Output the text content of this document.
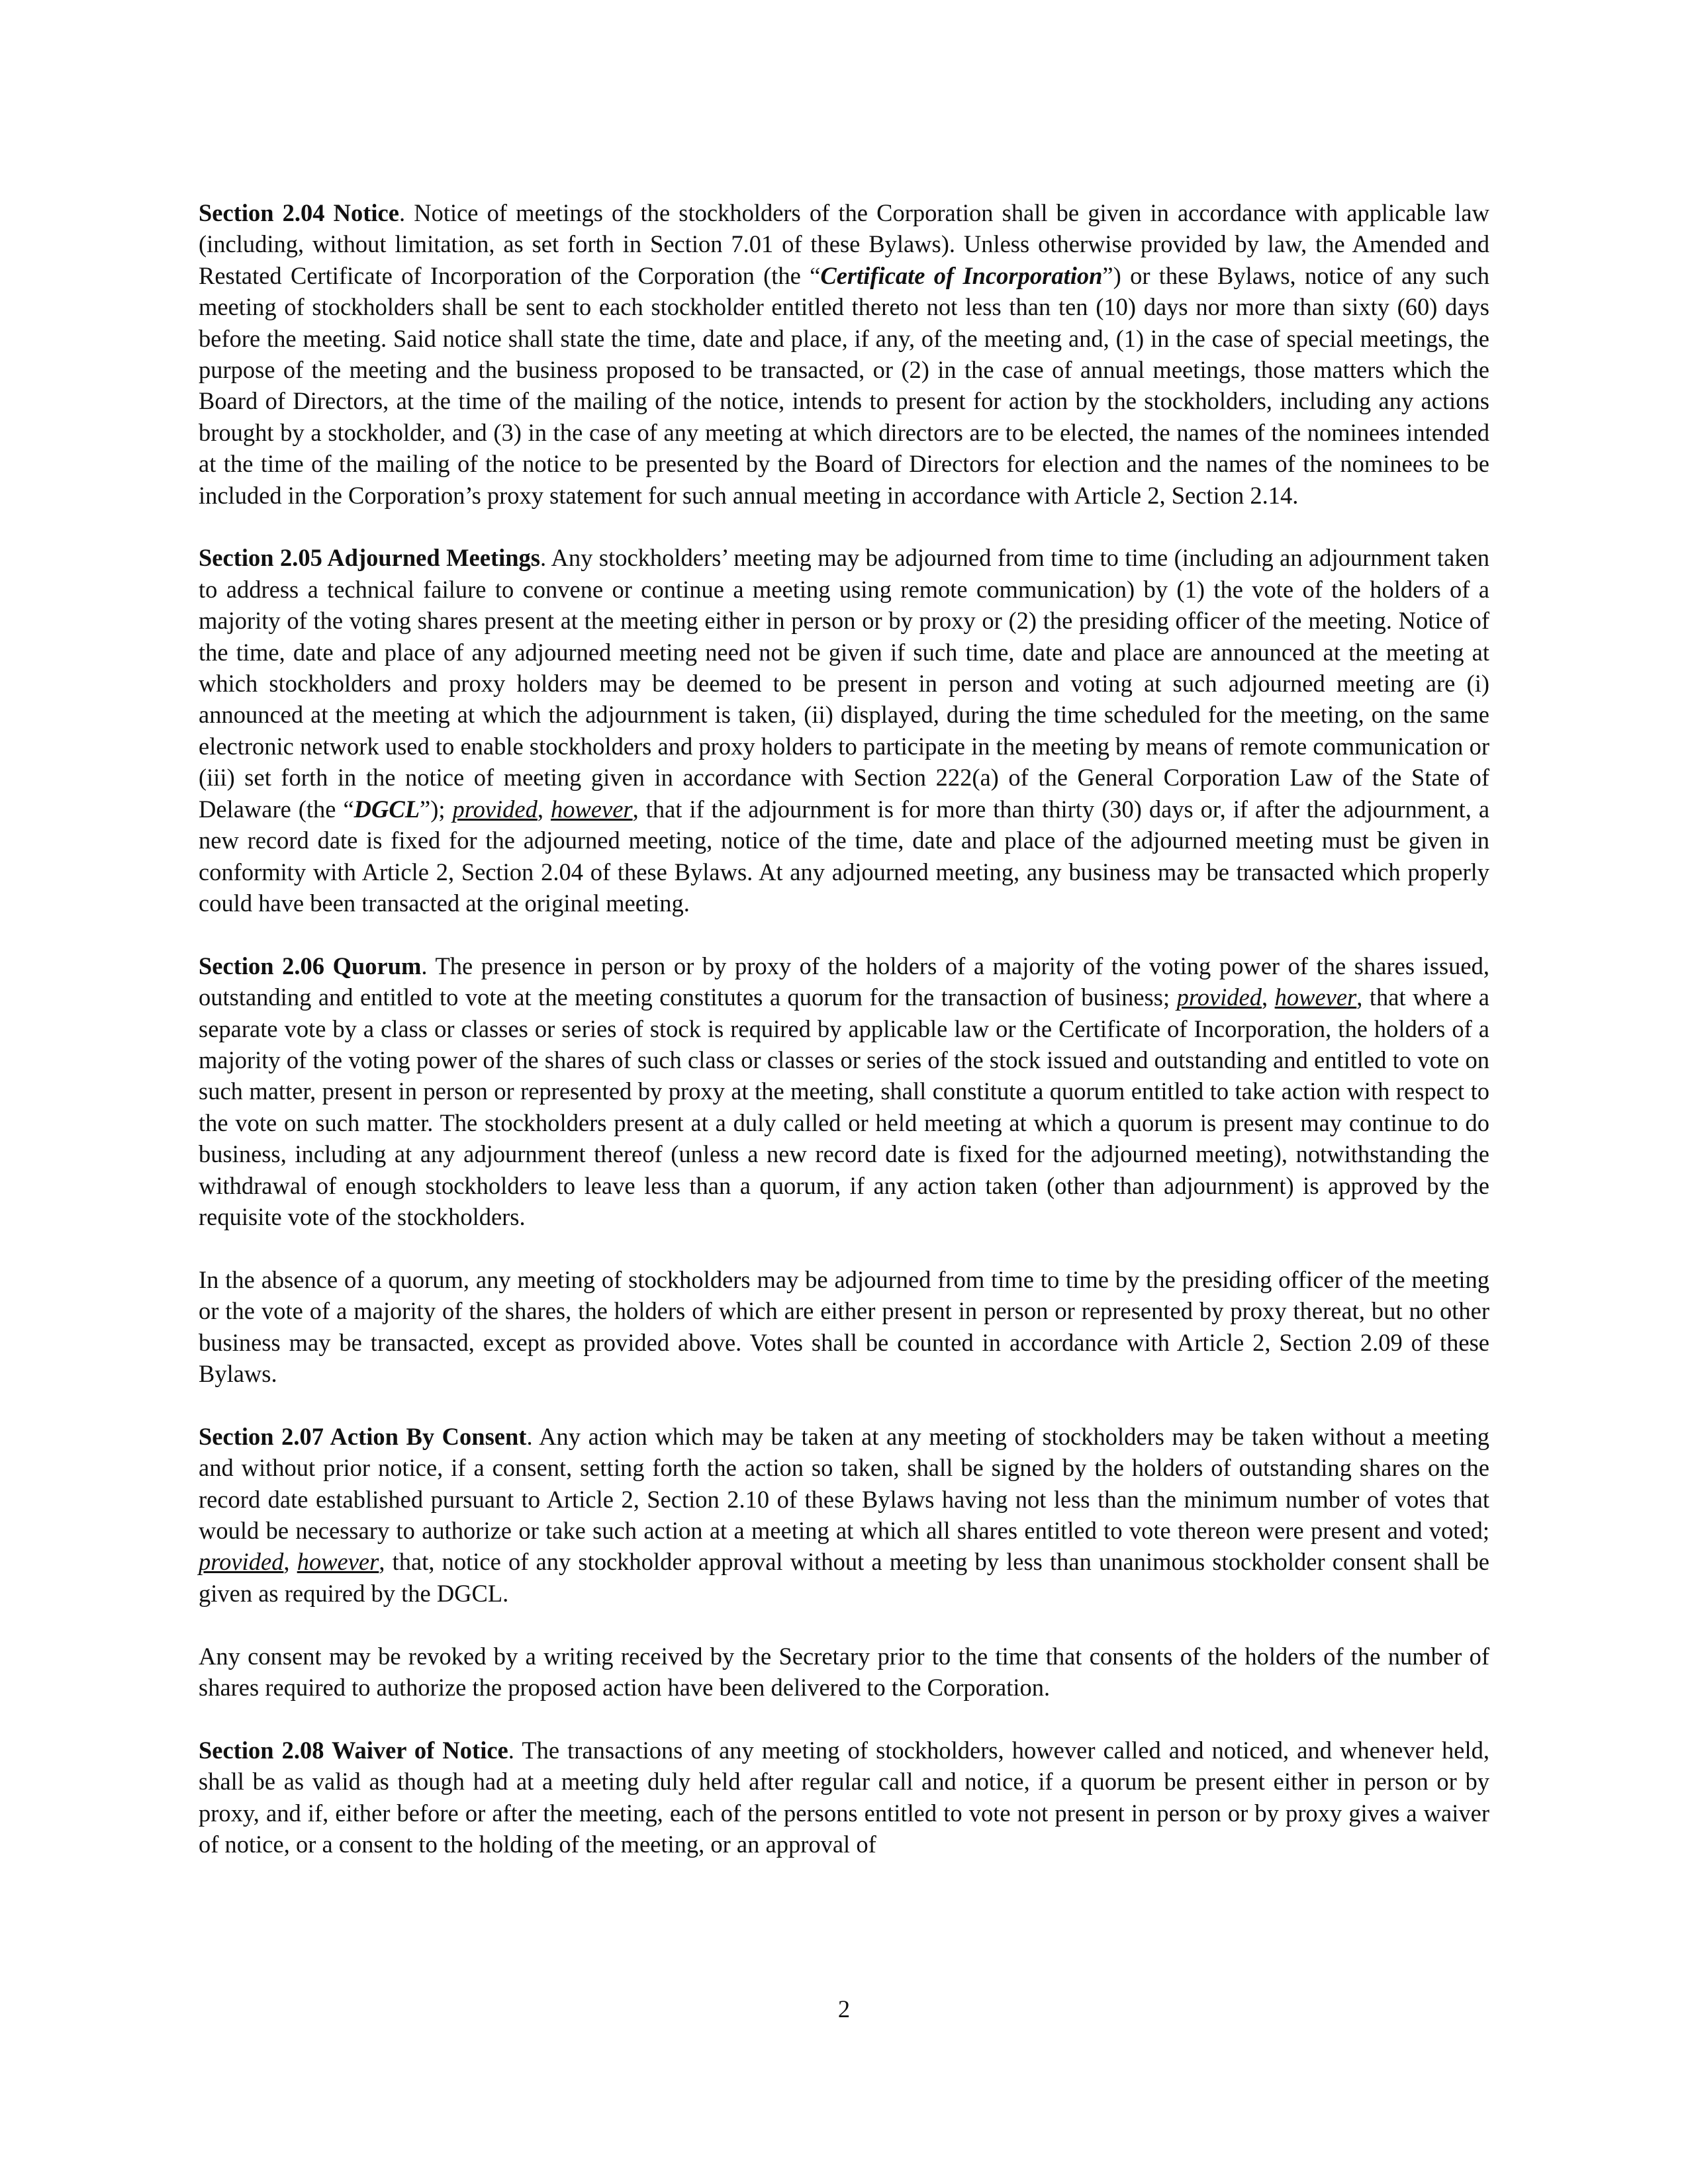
Section 2.04 Notice. Notice of meetings of the stockholders of the Corporation shall be given in accordance with applicable law (including, without limitation, as set forth in Section 7.01 of these Bylaws). Unless otherwise provided by law, the Amended and Restated Certificate of Incorporation of the Corporation (the “Certificate of Incorporation”) or these Bylaws, notice of any such meeting of stockholders shall be sent to each stockholder entitled thereto not less than ten (10) days nor more than sixty (60) days before the meeting. Said notice shall state the time, date and place, if any, of the meeting and, (1) in the case of special meetings, the purpose of the meeting and the business proposed to be transacted, or (2) in the case of annual meetings, those matters which the Board of Directors, at the time of the mailing of the notice, intends to present for action by the stockholders, including any actions brought by a stockholder, and (3) in the case of any meeting at which directors are to be elected, the names of the nominees intended at the time of the mailing of the notice to be presented by the Board of Directors for election and the names of the nominees to be included in the Corporation’s proxy statement for such annual meeting in accordance with Article 2, Section 2.14.

Section 2.05 Adjourned Meetings. Any stockholders’ meeting may be adjourned from time to time (including an adjournment taken to address a technical failure to convene or continue a meeting using remote communication) by (1) the vote of the holders of a majority of the voting shares present at the meeting either in person or by proxy or (2) the presiding officer of the meeting. Notice of the time, date and place of any adjourned meeting need not be given if such time, date and place are announced at the meeting at which stockholders and proxy holders may be deemed to be present in person and voting at such adjourned meeting are (i) announced at the meeting at which the adjournment is taken, (ii) displayed, during the time scheduled for the meeting, on the same electronic network used to enable stockholders and proxy holders to participate in the meeting by means of remote communication or (iii) set forth in the notice of meeting given in accordance with Section 222(a) of the General Corporation Law of the State of Delaware (the “DGCL”); provided, however, that if the adjournment is for more than thirty (30) days or, if after the adjournment, a new record date is fixed for the adjourned meeting, notice of the time, date and place of the adjourned meeting must be given in conformity with Article 2, Section 2.04 of these Bylaws. At any adjourned meeting, any business may be transacted which properly could have been transacted at the original meeting.

Section 2.06 Quorum. The presence in person or by proxy of the holders of a majority of the voting power of the shares issued, outstanding and entitled to vote at the meeting constitutes a quorum for the transaction of business; provided, however, that where a separate vote by a class or classes or series of stock is required by applicable law or the Certificate of Incorporation, the holders of a majority of the voting power of the shares of such class or classes or series of the stock issued and outstanding and entitled to vote on such matter, present in person or represented by proxy at the meeting, shall constitute a quorum entitled to take action with respect to the vote on such matter. The stockholders present at a duly called or held meeting at which a quorum is present may continue to do business, including at any adjournment thereof (unless a new record date is fixed for the adjourned meeting), notwithstanding the withdrawal of enough stockholders to leave less than a quorum, if any action taken (other than adjournment) is approved by the requisite vote of the stockholders.

In the absence of a quorum, any meeting of stockholders may be adjourned from time to time by the presiding officer of the meeting or the vote of a majority of the shares, the holders of which are either present in person or represented by proxy thereat, but no other business may be transacted, except as provided above. Votes shall be counted in accordance with Article 2, Section 2.09 of these Bylaws.

Section 2.07 Action By Consent. Any action which may be taken at any meeting of stockholders may be taken without a meeting and without prior notice, if a consent, setting forth the action so taken, shall be signed by the holders of outstanding shares on the record date established pursuant to Article 2, Section 2.10 of these Bylaws having not less than the minimum number of votes that would be necessary to authorize or take such action at a meeting at which all shares entitled to vote thereon were present and voted; provided, however, that, notice of any stockholder approval without a meeting by less than unanimous stockholder consent shall be given as required by the DGCL.

Any consent may be revoked by a writing received by the Secretary prior to the time that consents of the holders of the number of shares required to authorize the proposed action have been delivered to the Corporation.

Section 2.08 Waiver of Notice. The transactions of any meeting of stockholders, however called and noticed, and whenever held, shall be as valid as though had at a meeting duly held after regular call and notice, if a quorum be present either in person or by proxy, and if, either before or after the meeting, each of the persons entitled to vote not present in person or by proxy gives a waiver of notice, or a consent to the holding of the meeting, or an approval of

2
